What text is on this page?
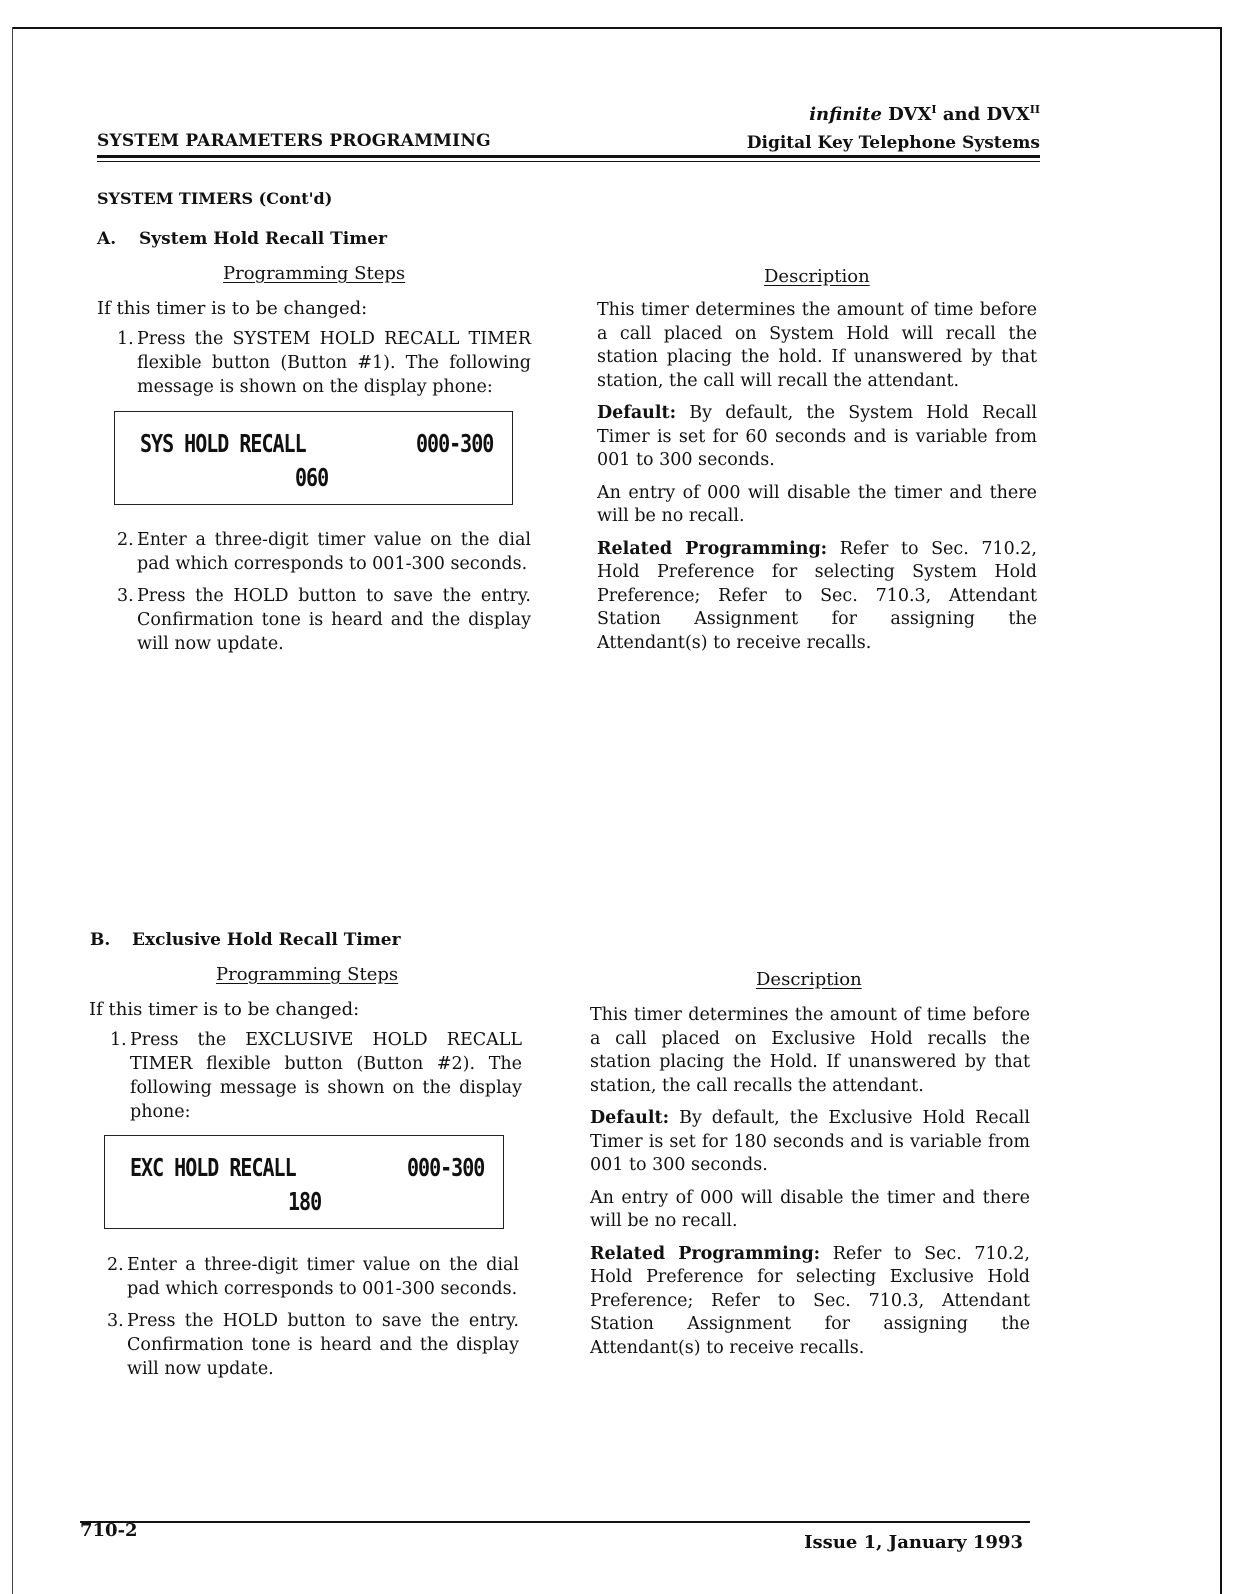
SYSTEM PARAMETERS PROGRAMMING
infinite $DVX^I$ and $DVX^{II}$
Digital Key Telephone Systems
SYSTEM TIMERS (Cont'd)
A. System Hold Recall Timer
Programming Steps	Description
If this timer is to be changed:
1. Press the SYSTEM HOLD RECALL TIMER flexible button (Button #1). The following message is shown on the display phone:
SYS HOLD RECALL	000-300
060
2. Enter a three-digit timer value on the dial pad which corresponds to 001-300 seconds.
3. Press the HOLD button to save the entry. Confirmation tone is heard and the display will now update.

This timer determines the amount of time before a call placed on System Hold will recall the station placing the hold. If unanswered by that station, the call will recall the attendant.

Default: By default, the System Hold Recall Timer is set for 60 seconds and is variable from 001 to 300 seconds.

An entry of 000 will disable the timer and there will be no recall.

Related Programming: Refer to Sec. 710.2, Hold Preference for selecting System Hold Preference; Refer to Sec. 710.3, Attendant Station Assignment for assigning the Attendant(s) to receive recalls.

B. Exclusive Hold Recall Timer
Programming Steps	Description
If this timer is to be changed:
1. Press the EXCLUSIVE HOLD RECALL TIMER flexible button (Button #2). The following message is shown on the display phone:
EXC HOLD RECALL	000-300
180
2. Enter a three-digit timer value on the dial pad which corresponds to 001-300 seconds.
3. Press the HOLD button to save the entry. Confirmation tone is heard and the display will now update.

This timer determines the amount of time before a call placed on Exclusive Hold recalls the station placing the Hold. If unanswered by that station, the call recalls the attendant.

Default: By default, the Exclusive Hold Recall Timer is set for 180 seconds and is variable from 001 to 300 seconds.

An entry of 000 will disable the timer and there will be no recall.

Related Programming: Refer to Sec. 710.2, Hold Preference for selecting Exclusive Hold Preference; Refer to Sec. 710.3, Attendant Station Assignment for assigning the Attendant(s) to receive recalls.

710-2
Issue 1, January 1993
